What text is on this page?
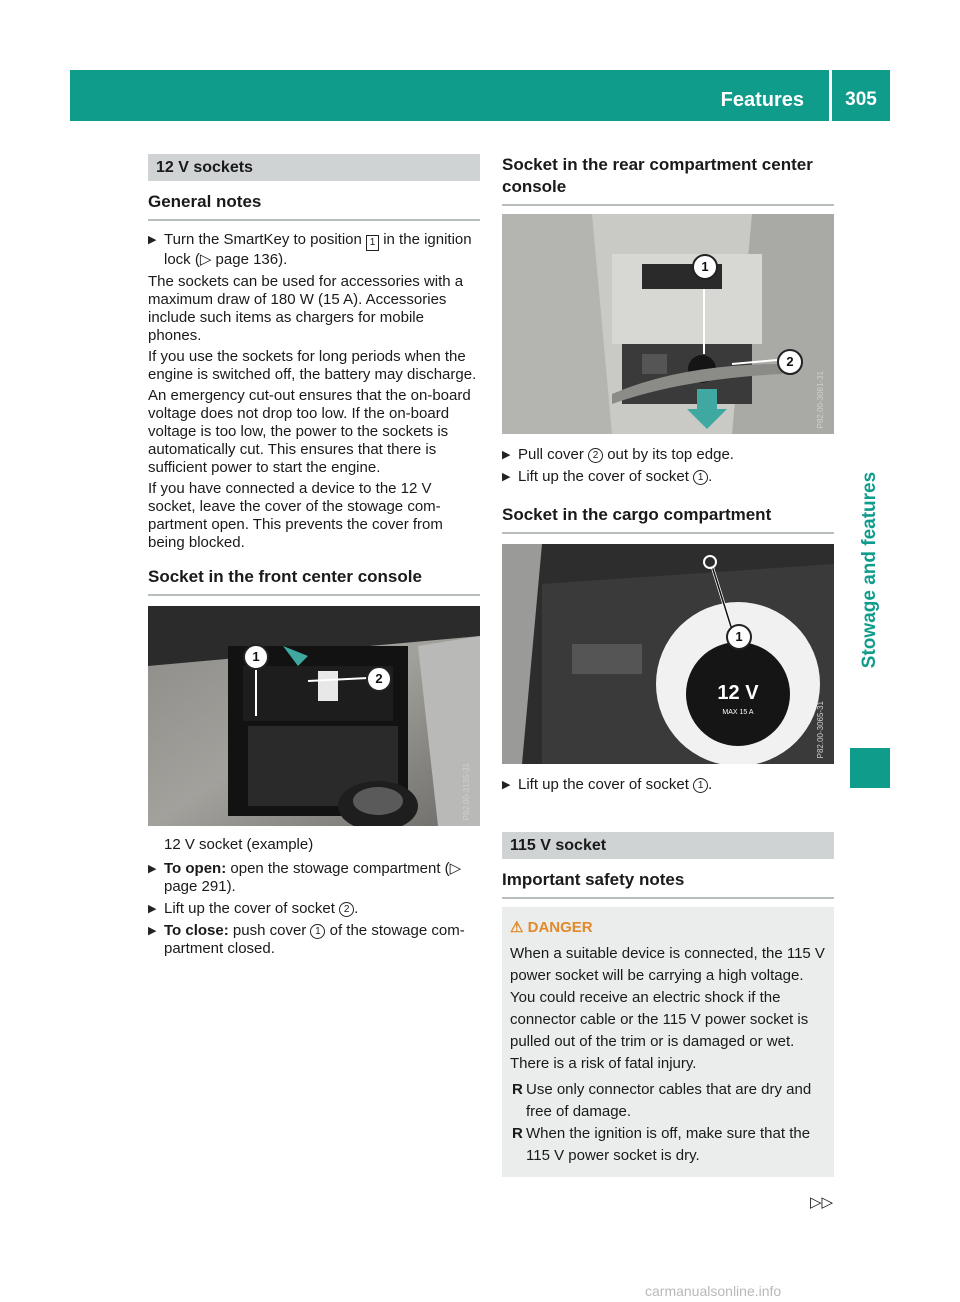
Features	305
Stowage and features
12 V sockets
General notes
▶ Turn the SmartKey to position 1 in the ignition lock (▷ page 136).

The sockets can be used for accessories with a maximum draw of 180 W (15 A). Accessories include such items as chargers for mobile phones.

If you use the sockets for long periods when the engine is switched off, the battery may discharge.

An emergency cut-out ensures that the on-board voltage does not drop too low. If the on-board voltage is too low, the power to the sockets is automatically cut. This ensures that there is sufficient power to start the engine.

If you have connected a device to the 12 V socket, leave the cover of the stowage compartment open. This prevents the cover from being blocked.

Socket in the front center console
1
2
P82.00-3135-31

12 V socket (example)

▶ To open: open the stowage compartment (▷ page 291).
▶ Lift up the cover of socket 2 .
▶ To close: push cover 1 of the stowage compartment closed.
Socket in the rear compartment center console
1
2
P82.00-3061-31
▶ Pull cover 2 out by its top edge.
▶ Lift up the cover of socket 1 .
Socket in the cargo compartment
12 V
MAX 15 A
1
P82.00-3065-31
▶ Lift up the cover of socket 1 .
115 V socket
Important safety notes
⚠ DANGER
When a suitable device is connected, the 115 V power socket will be carrying a high voltage. You could receive an electric shock if the connector cable or the 115 V power socket is pulled out of the trim or is damaged or wet. There is a risk of fatal injury.
R Use only connector cables that are dry and free of damage.
R When the ignition is off, make sure that the 115 V power socket is dry.
▷▷
carmanualsonline.info
